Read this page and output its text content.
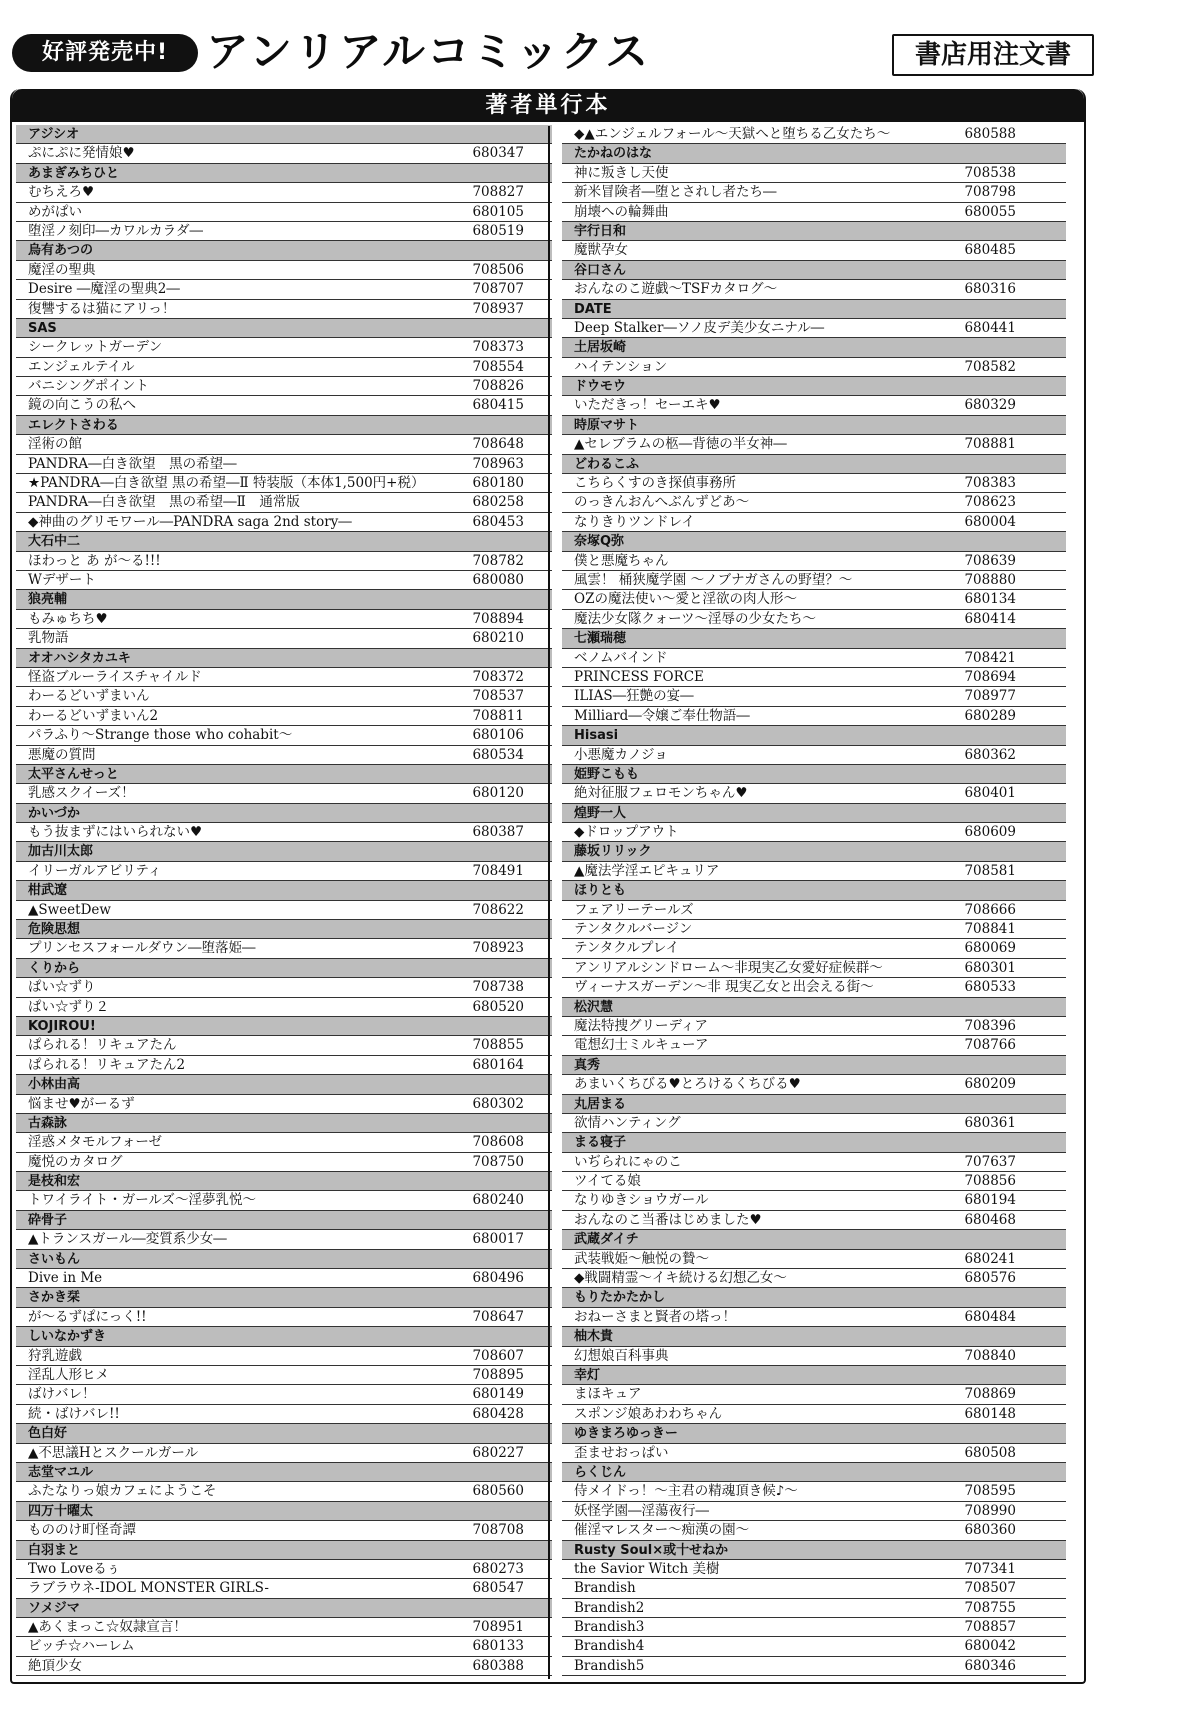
好評発売中! アンリアルコミックス	書店用注文書
著者単行本
アジシオ
ぷにぷに発情娘♥	680347
あまぎみちひと
むちえろ♥	708827
めがぱい	680105
堕淫ノ刻印―カワルカラダ―	680519
烏有あつの
魔淫の聖典	708506
Desire ―魔淫の聖典2―	708707
復讐するは猫にアリっ！	708937
SAS
シークレットガーデン	708373
エンジェルテイル	708554
バニシングポイント	708826
鏡の向こうの私へ	680415
エレクトさわる
淫術の館	708648
PANDRA―白き欲望　黒の希望―	708963
★PANDRA―白き欲望 黒の希望―Ⅱ 特装版（本体1,500円+税）	680180
PANDRA―白き欲望　黒の希望―Ⅱ　通常版	680258
◆神曲のグリモワール―PANDRA saga 2nd story―	680453
大石中二
ほわっと あ が～る!!!	708782
Wデザート	680080
狼亮輔
もみゅちち♥	708894
乳物語	680210
オオハシタカユキ
怪盗ブルーライスチャイルド	708372
わーるどいずまいん	708537
わーるどいずまいん2	708811
パラふり～Strange those who cohabit～	680106
悪魔の質問	680534
太平さんせっと
乳感スクイーズ！	680120
かいづか
もう抜まずにはいられない♥	680387
加古川太郎
イリーガルアビリティ	708491
柑武遼
▲SweetDew	708622
危険思想
プリンセスフォールダウン―堕落姫―	708923
くりから
ぱい☆ずり	708738
ぱい☆ずり２	680520
KOJIROU!
ぱられる！リキュアたん	708855
ぱられる！リキュアたん2	680164
小林由高
悩ませ♥がーるず	680302
古森詠
淫惑メタモルフォーゼ	708608
魔悦のカタログ	708750
是枝和宏
トワイライト・ガールズ～淫夢乳悦～	680240
砕骨子
▲トランスガール―変質系少女―	680017
さいもん
Dive in Me	680496
さかき栞
が～るずぱにっく!!	708647
しいなかずき
狩乳遊戯	708607
淫乱人形ヒメ	708895
ばけバレ！	680149
続・ばけバレ!!	680428
色白好
▲不思議Hとスクールガール	680227
志堂マユル
ふたなりっ娘カフェにようこそ	680560
四万十曜太
もののけ町怪奇譚	708708
白羽まと
Two Loveるぅ	680273
ラブラウネ-IDOL MONSTER GIRLS-	680547
ソメジマ
▲あくまっこ☆奴隷宣言！	708951
ビッチ☆ハーレム	680133
絶頂少女	680388
◆▲エンジェルフォール～天獄へと堕ちる乙女たち～	680588
たかねのはな
神に叛きし天使	708538
新米冒険者―堕とされし者たち―	708798
崩壊への輪舞曲	680055
宇行日和
魔獣孕女	680485
谷口さん
おんなのこ遊戯～TSFカタログ～	680316
DATE
Deep Stalker―ソノ皮デ美少女ニナル―	680441
土居坂崎
ハイテンション	708582
ドウモウ
いただきっ！セーエキ♥	680329
時原マサト
▲セレブラムの柩―背徳の半女神―	708881
どわるこふ
こちらくすのき探偵事務所	708383
のっきんおんへぶんずどあ～	708623
なりきりツンドレイ	680004
奈塚Q弥
僕と悪魔ちゃん	708639
風雲！ 桶狭魔学園 ～ノブナガさんの野望？～	708880
OZの魔法使い～愛と淫欲の肉人形～	680134
魔法少女隊クォーツ～淫辱の少女たち～	680414
七瀬瑞穂
ベノムバインド	708421
PRINCESS FORCE	708694
ILIAS―狂艶の宴―	708977
Milliard―令嬢ご奉仕物語―	680289
Hisasi
小悪魔カノジョ	680362
姫野こもも
絶対征服フェロモンちゃん♥	680401
煌野一人
◆ドロップアウト	680609
藤坂リリック
▲魔法学淫エピキュリア	708581
ほりとも
フェアリーテールズ	708666
テンタクルバージン	708841
テンタクルプレイ	680069
アンリアルシンドローム～非現実乙女愛好症候群～	680301
ヴィーナスガーデン～非 現実乙女と出会える街～	680533
松沢慧
魔法特捜グリーディア	708396
電想幻士ミルキューア	708766
真秀
あまいくちびる♥とろけるくちびる♥	680209
丸居まる
欲情ハンティング	680361
まる寝子
いぢられにゃのこ	707637
ツイてる娘	708856
なりゆきショウガール	680194
おんなのこ当番はじめました♥	680468
武蔵ダイチ
武装戦姫～触悦の贄～	680241
◆戦闘精霊～イキ続ける幻想乙女～	680576
もりたかたかし
おねーさまと賢者の塔っ！	680484
柚木貴
幻想娘百科事典	708840
幸灯
まほキュア	708869
スポンジ娘あわわちゃん	680148
ゆきまろゆっきー
歪ませおっぱい	680508
らくじん
侍メイドっ！～主君の精魂頂き候♪～	708595
妖怪学園―淫蕩夜行―	708990
催淫マレスター～痴漢の園～	680360
Rusty Soul×或十せねか
the Savior Witch 美樹	707341
Brandish	708507
Brandish2	708755
Brandish3	708857
Brandish4	680042
Brandish5	680346
